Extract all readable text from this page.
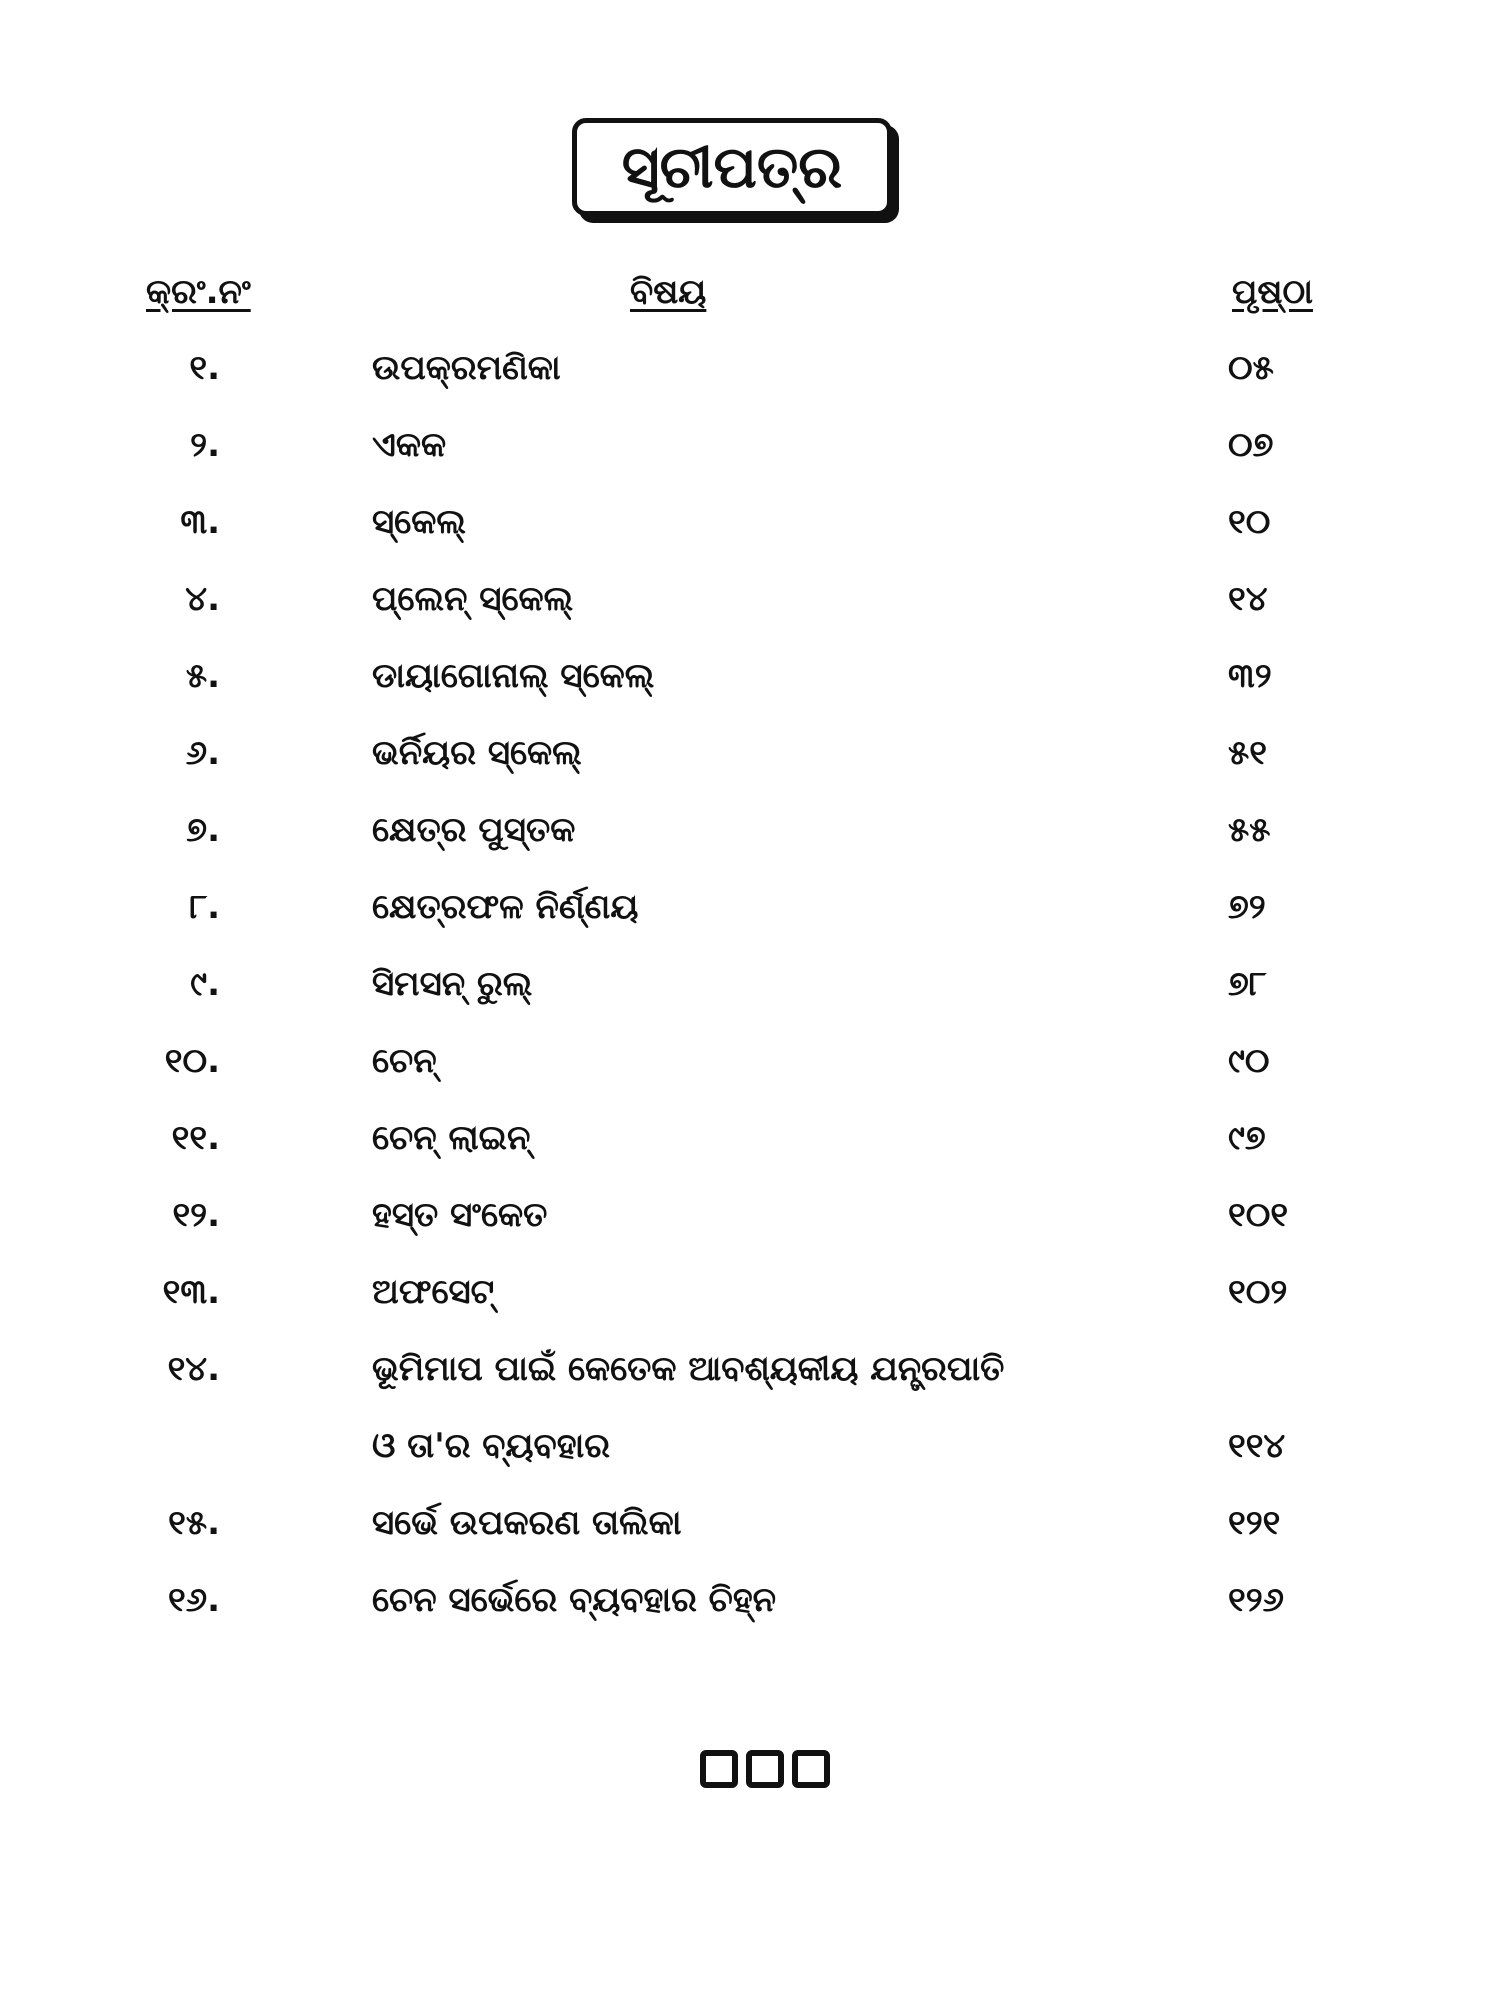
ସୂଚୀପତ୍ର
କ୍ରଂ.ନଂ	ବିଷୟ	ପୃଷ୍ଠା
୧.	ଉପକ୍ରମଣିକା	୦୫
୨.	ଏକକ	୦୭
୩.	ସ୍କେଲ୍	୧୦
୪.	ପ୍ଲେନ୍ ସ୍କେଲ୍	୧୪
୫.	ଡାୟାଗୋନାଲ୍ ସ୍କେଲ୍	୩୨
୬.	ଭର୍ନିୟର ସ୍କେଲ୍	୫୧
୭.	କ୍ଷେତ୍ର ପୁସ୍ତକ	୫୫
୮.	କ୍ଷେତ୍ରଫଳ ନିର୍ଣ୍ଣୟ	୭୨
୯.	ସିମସନ୍ ରୁଲ୍	୭୮
୧୦.	ଚେନ୍	୯୦
୧୧.	ଚେନ୍ ଲାଇନ୍	୯୭
୧୨.	ହସ୍ତ ସଂକେତ	୧୦୧
୧୩.	ଅଫସେଟ୍	୧୦୨
୧୪.	ଭୂମିମାପ ପାଇଁ କେତେକ ଆବଶ୍ୟକୀୟ ଯନ୍ତ୍ରପାତି
ଓ ତା'ର ବ୍ୟବହାର	୧୧୪
୧୫.	ସର୍ଭେ ଉପକରଣ ତାଲିକା	୧୨୧
୧୬.	ଚେନ ସର୍ଭେରେ ବ୍ୟବହାର ଚିହ୍ନ	୧୨୬
